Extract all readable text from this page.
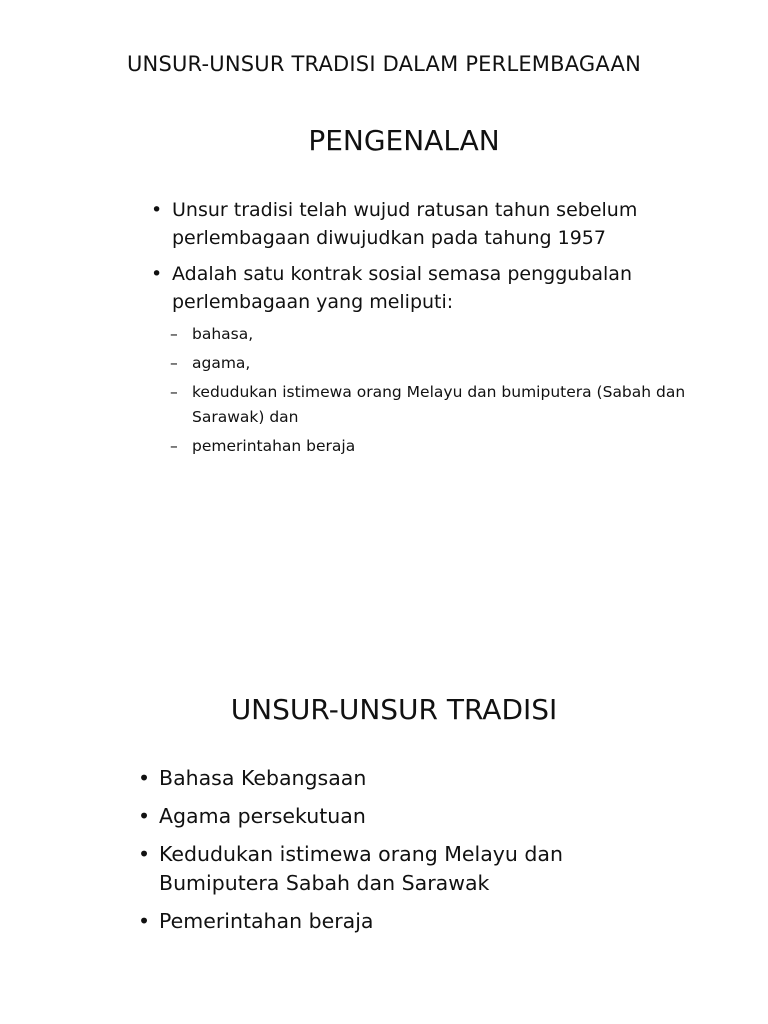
UNSUR-UNSUR TRADISI DALAM PERLEMBAGAAN
PENGENALAN
• Unsur tradisi telah wujud ratusan tahun sebelum perlembagaan diwujudkan pada tahung 1957
• Adalah satu kontrak sosial semasa penggubalan perlembagaan yang meliputi:
– bahasa,
– agama,
– kedudukan istimewa orang Melayu dan bumiputera (Sabah dan Sarawak) dan
– pemerintahan beraja
UNSUR-UNSUR TRADISI
• Bahasa Kebangsaan
• Agama persekutuan
• Kedudukan istimewa orang Melayu dan Bumiputera Sabah dan Sarawak
• Pemerintahan beraja
